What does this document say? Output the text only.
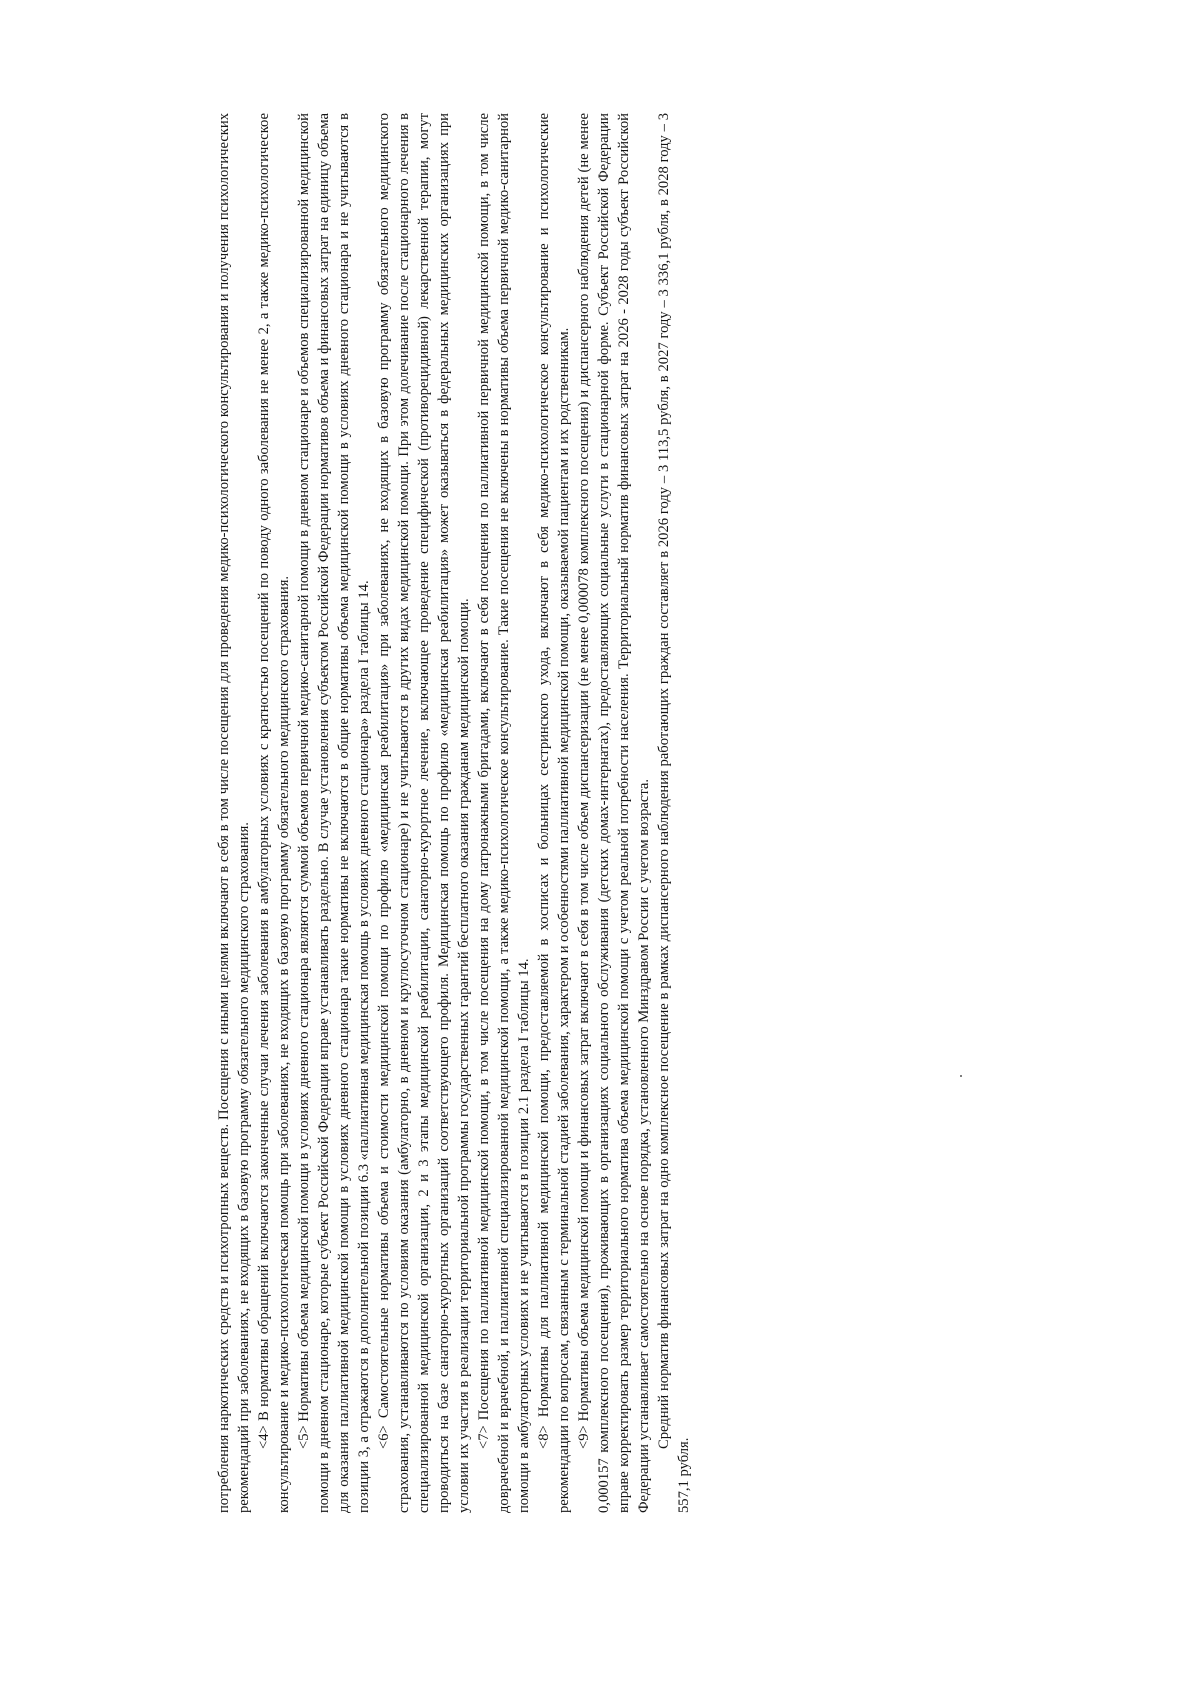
потребления наркотических средств и психотропных веществ. Посещения с иными целями включают в себя в том числе посещения для проведения медико-психологического консультирования и получения психологических рекомендаций при заболеваниях, не входящих в базовую программу обязательного медицинского страхования. <4> В нормативы обращений включаются законченные случаи лечения заболевания в амбулаторных условиях с кратностью посещений по поводу одного заболевания не менее 2, а также медико-психологическое консультирование и медико-психологическая помощь при заболеваниях, не входящих в базовую программу обязательного медицинского страхования. <5> Нормативы объема медицинской помощи в условиях дневного стационара являются суммой объемов первичной медико-санитарной помощи в дневном стационаре и объемов специализированной медицинской помощи в дневном стационаре, которые субъект Российской Федерации вправе устанавливать раздельно. В случае установления субъектом Российской Федерации нормативов объема и финансовых затрат на единицу объема для оказания паллиативной медицинской помощи в условиях дневного стационара такие нормативы не включаются в общие нормативы объема медицинской помощи в условиях дневного стационара и не учитываются в позиции 3, а отражаются в дополнительной позиции 6.3 «паллиативная медицинская помощь в условиях дневного стационара» раздела I таблицы 14. <6> Самостоятельные нормативы объема и стоимости медицинской помощи по профилю «медицинская реабилитация» при заболеваниях, не входящих в базовую программу обязательного медицинского страхования, устанавливаются по условиям оказания (амбулаторно, в дневном и круглосуточном стационаре) и не учитываются в других видах медицинской помощи. При этом долечивание после стационарного лечения в специализированной медицинской организации, 2 и 3 этапы медицинской реабилитации, санаторно-курортное лечение, включающее проведение специфической (противорецидивной) лекарственной терапии, могут проводиться на базе санаторно-курортных организаций соответствующего профиля. Медицинская помощь по профилю «медицинская реабилитация» может оказываться в федеральных медицинских организациях при условии их участия в реализации территориальной программы государственных гарантий бесплатного оказания гражданам медицинской помощи. <7> Посещения по паллиативной медицинской помощи, в том числе посещения на дому патронажными бригадами, включают в себя посещения по паллиативной первичной медицинской помощи, в том числе доврачебной и врачебной, и паллиативной специализированной медицинской помощи, а также медико-психологическое консультирование. Такие посещения не включены в нормативы объема первичной медико-санитарной помощи в амбулаторных условиях и не учитываются в позиции 2.1 раздела I таблицы 14. <8> Нормативы для паллиативной медицинской помощи, предоставляемой в хосписах и больницах сестринского ухода, включают в себя медико-психологическое консультирование и психологические рекомендации по вопросам, связанным с терминальной стадией заболевания, характером и особенностями паллиативной медицинской помощи, оказываемой пациентам и их родственникам. <9> Нормативы объема медицинской помощи и финансовых затрат включают в себя в том числе объем диспансеризации (не менее 0,000078 комплексного посещения) и диспансерного наблюдения детей (не менее 0,000157 комплексного посещения), проживающих в организациях социального обслуживания (детских домах-интернатах), предоставляющих социальные услуги в стационарной форме. Субъект Российской Федерации вправе корректировать размер территориального норматива объема медицинской помощи с учетом реальной потребности населения. Территориальный норматив финансовых затрат на 2026 - 2028 годы субъект Российской Федерации устанавливает самостоятельно на основе порядка, установленного Минздравом России с учетом возраста. Средний норматив финансовых затрат на одно комплексное посещение в рамках диспансерного наблюдения работающих граждан составляет в 2026 году – 3 113,5 рубля, в 2027 году – 3 336,1 рубля, в 2028 году – 3 557,1 рубля.
